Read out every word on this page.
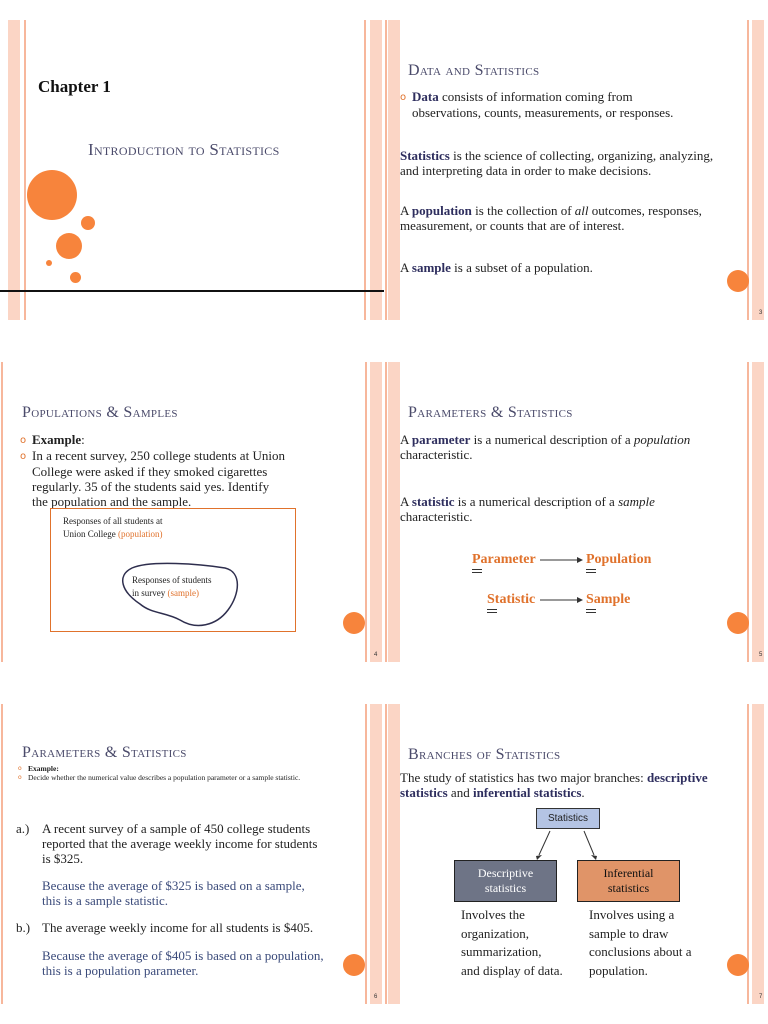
Chapter 1
Introduction to Statistics
Data and Statistics
o Data consists of information coming from
observations, counts, measurements, or responses.
Statistics is the science of collecting, organizing, analyzing,
and interpreting data in order to make decisions.
A population is the collection of all outcomes, responses,
measurement, or counts that are of interest.
A sample is a subset of a population.
3
Populations & Samples
o Example:
o In a recent survey, 250 college students at Union
College were asked if they smoked cigarettes
regularly. 35 of the students said yes. Identify
the population and the sample.
Responses of all students at
Union College (population)
Responses of students
in survey (sample)
4
Parameters & Statistics
A parameter is a numerical description of a population
characteristic.
A statistic is a numerical description of a sample
characteristic.
Parameter	Population
Statistic	Sample
5
Parameters & Statistics
o Example:
o Decide whether the numerical value describes a population parameter or a sample statistic.
a.) A recent survey of a sample of 450 college students
reported that the average weekly income for students
is $325.
Because the average of $325 is based on a sample,
this is a sample statistic.
b.) The average weekly income for all students is $405.
Because the average of $405 is based on a population,
this is a population parameter.
6
Branches of Statistics
The study of statistics has two major branches: descriptive
statistics and inferential statistics.
Statistics
Descriptive
statistics
Inferential
statistics
Involves the
organization,
summarization,
and display of data.
Involves using a
sample to draw
conclusions about a
population.
7
